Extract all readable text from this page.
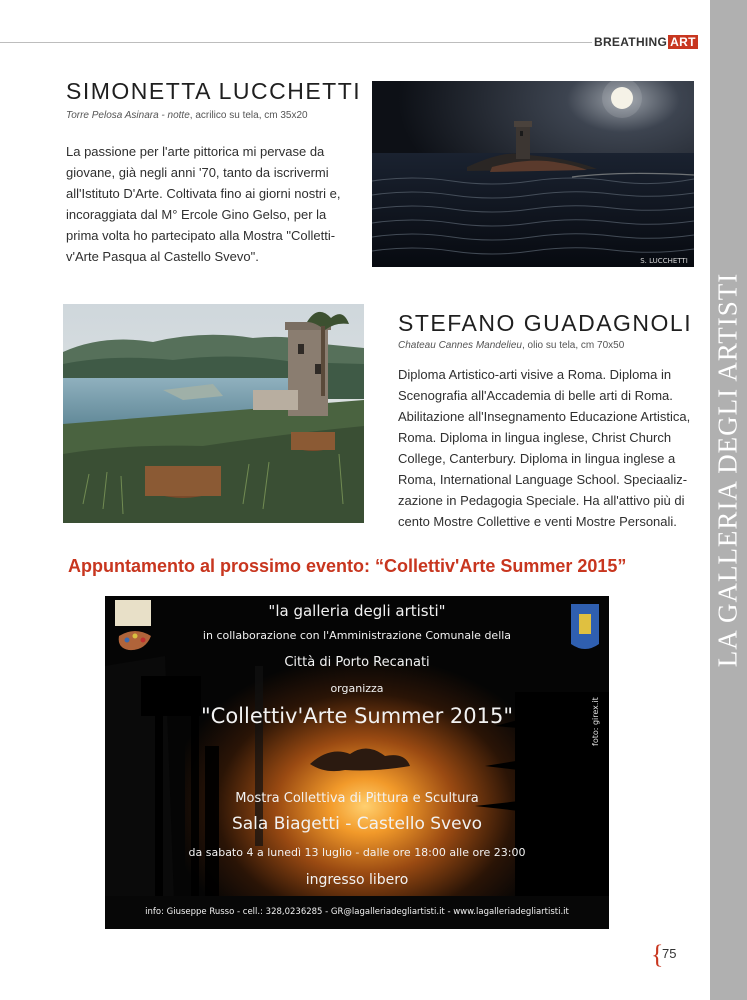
BREATHING ART
LA GALLERIA DEGLI ARTISTI
SIMONETTA LUCCHETTI
Torre Pelosa Asinara - notte, acrilico su tela, cm 35x20

La passione per l'arte pittorica mi pervase da

giovane, già negli anni '70, tanto da iscrivermi

all'Istituto D'Arte. Coltivata fino ai giorni nostri e,

incoraggiata dal M° Ercole Gino Gelso, per la

prima volta ho partecipato alla Mostra "Colletti-

v'Arte Pasqua al Castello Svevo".	S. LUCCHETTI
STEFANO GUADAGNOLI
Chateau Cannes Mandelieu, olio su tela, cm 70x50

Diploma Artistico-arti visive a Roma. Diploma in

Scenografia all'Accademia di belle arti di Roma.

Abilitazione all'Insegnamento Educazione Artistica,

Roma. Diploma in lingua inglese, Christ Church

College, Canterbury. Diploma in lingua inglese a

Roma, International Language School. Speciaaliz-

zazione in Pedagogia Speciale. Ha all'attivo più di

cento Mostre Collettive e venti Mostre Personali.

Appuntamento al prossimo evento: “Collettiv'Arte Summer 2015”
"la galleria degli artisti"
in collaborazione con l'Amministrazione Comunale della
Città di Porto Recanati
organizza
"Collettiv'Arte Summer 2015"
Mostra Collettiva di Pittura e Scultura
Sala Biagetti - Castello Svevo
da sabato 4 a lunedì 13 luglio - dalle ore 18:00 alle ore 23:00
ingresso libero
info: Giuseppe Russo - cell.: 328,0236285 - GR@lagalleriadegliartisti.it - www.lagalleriadegliartisti.it
foto: girex.it
{
75
